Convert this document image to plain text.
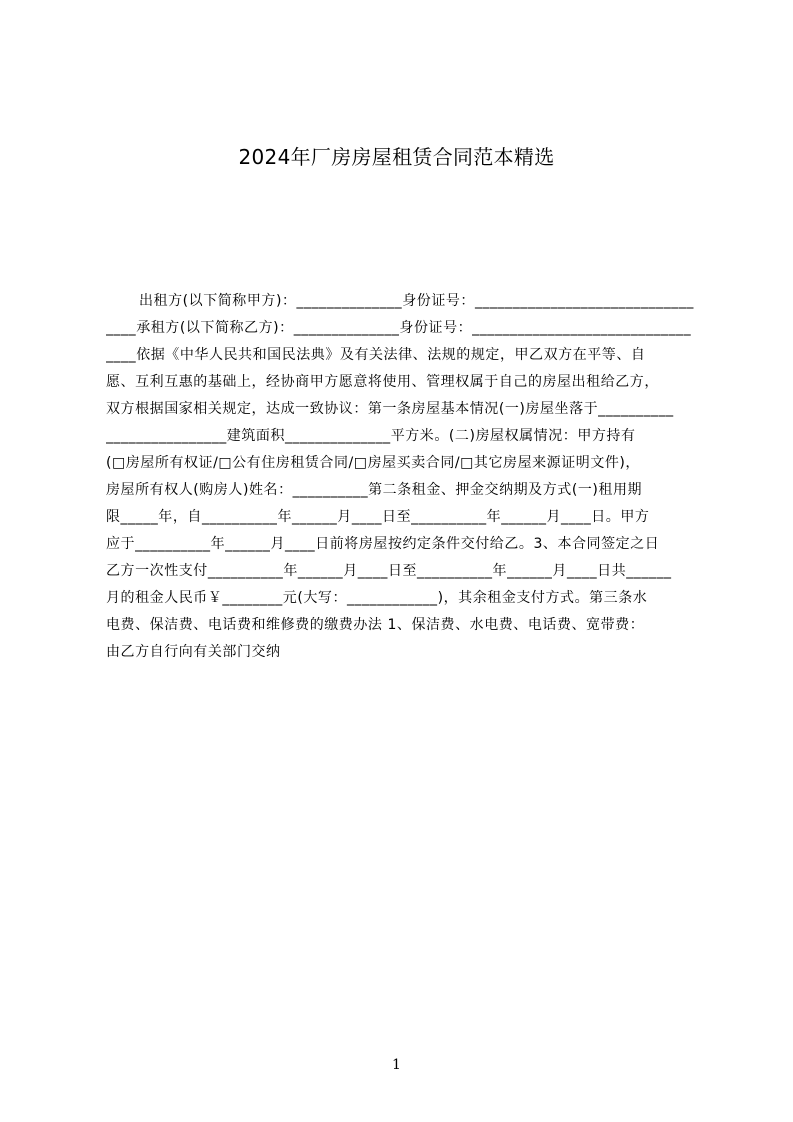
2024年厂房房屋租赁合同范本精选
出租方(以下简称甲方)：______________身份证号：_____________________________
____承租方(以下简称乙方)：______________身份证号：_____________________________
____依据《中华人民共和国民法典》及有关法律、法规的规定，甲乙双方在平等、自
愿、互利互惠的基础上，经协商甲方愿意将使用、管理权属于自己的房屋出租给乙方，
双方根据国家相关规定，达成一致协议：第一条房屋基本情况(一)房屋坐落于__________
________________建筑面积______________平方米。(二)房屋权属情况：甲方持有
(□房屋所有权证/□公有住房租赁合同/□房屋买卖合同/□其它房屋来源证明文件)，
房屋所有权人(购房人)姓名：__________第二条租金、押金交纳期及方式(一)租用期
限_____年，自__________年______月____日至__________年______月____日。甲方
应于__________年______月____日前将房屋按约定条件交付给乙。3、本合同签定之日
乙方一次性支付__________年______月____日至__________年______月____日共______
月的租金人民币￥________元(大写：____________)，其余租金支付方式。第三条水
电费、保洁费、电话费和维修费的缴费办法 1、保洁费、水电费、电话费、宽带费：
由乙方自行向有关部门交纳
1
